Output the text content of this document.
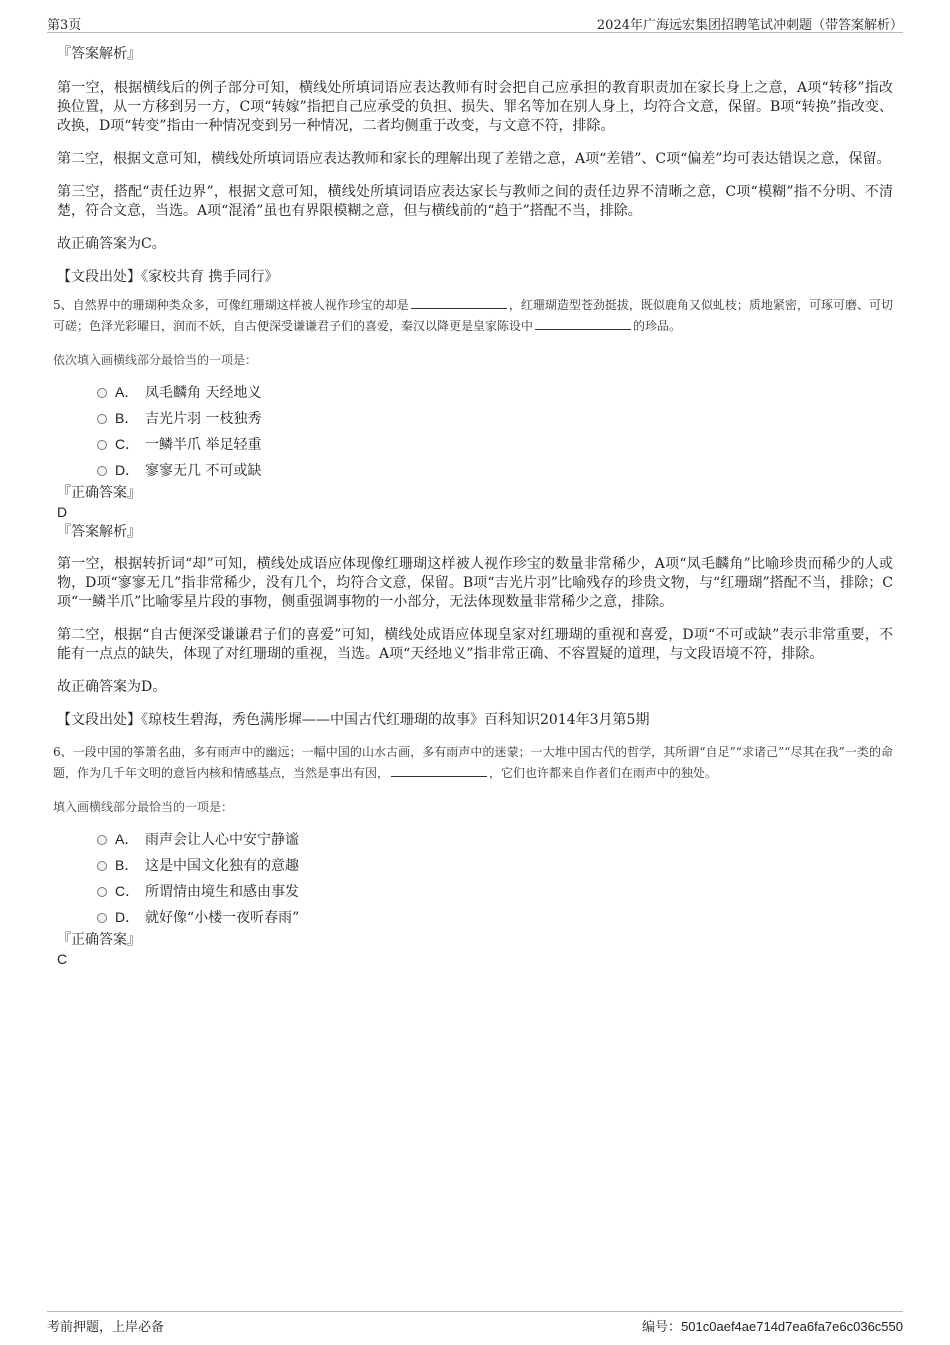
第3页	2024年广海远宏集团招聘笔试冲刺题（带答案解析）
『答案解析』

第一空，根据横线后的例子部分可知，横线处所填词语应表达教师有时会把自己应承担的教育职责加在家长身上之意，A项“转移”指改换位置，从一方移到另一方，C项“转嫁”指把自己应承受的负担、损失、罪名等加在别人身上，均符合文意，保留。B项“转换”指改变、改换，D项“转变”指由一种情况变到另一种情况，二者均侧重于改变，与文意不符，排除。

第二空，根据文意可知，横线处所填词语应表达教师和家长的理解出现了差错之意，A项“差错”、C项“偏差”均可表达错误之意，保留。

第三空，搭配“责任边界”，根据文意可知，横线处所填词语应表达家长与教师之间的责任边界不清晰之意，C项“模糊”指不分明、不清楚，符合文意，当选。A项“混淆”虽也有界限模糊之意，但与横线前的“趋于”搭配不当，排除。

故正确答案为C。

【文段出处】《家校共育 携手同行》

5、自然界中的珊瑚种类众多，可像红珊瑚这样被人视作珍宝的却是	，红珊瑚造型苍劲挺拔，既似鹿角又似虬枝；质地紧密，可琢可磨、可切可磋；色泽光彩曜日，润而不妖，自古便深受谦谦君子们的喜爱，秦汉以降更是皇家陈设中	的珍品。

依次填入画横线部分最恰当的一项是：

A． 凤毛麟角 天经地义
B． 吉光片羽 一枝独秀
C． 一鳞半爪 举足轻重
D． 寥寥无几 不可或缺
『正确答案』
D
『答案解析』

第一空，根据转折词“却”可知，横线处成语应体现像红珊瑚这样被人视作珍宝的数量非常稀少，A项“凤毛麟角”比喻珍贵而稀少的人或物，D项“寥寥无几”指非常稀少，没有几个，均符合文意，保留。B项“吉光片羽”比喻残存的珍贵文物，与“红珊瑚”搭配不当，排除；C项“一鳞半爪”比喻零星片段的事物，侧重强调事物的一小部分，无法体现数量非常稀少之意，排除。

第二空，根据“自古便深受谦谦君子们的喜爱”可知，横线处成语应体现皇家对红珊瑚的重视和喜爱，D项“不可或缺”表示非常重要，不能有一点点的缺失，体现了对红珊瑚的重视，当选。A项“天经地义”指非常正确、不容置疑的道理，与文段语境不符，排除。

故正确答案为D。

【文段出处】《琼枝生碧海，秀色满彤墀——中国古代红珊瑚的故事》百科知识2014年3月第5期

6、一段中国的筝箫名曲，多有雨声中的幽远；一幅中国的山水古画，多有雨声中的迷蒙；一大堆中国古代的哲学，其所谓“自足”“求诸己”“尽其在我”一类的命题，作为几千年文明的意旨内核和情感基点，当然是事出有因，	，它们也许都来自作者们在雨声中的独处。

填入画横线部分最恰当的一项是：

A． 雨声会让人心中安宁静谧
B． 这是中国文化独有的意趣
C． 所谓情由境生和感由事发
D． 就好像“小楼一夜听春雨”
『正确答案』
C
考前押题，上岸必备	编号：501c0aef4ae714d7ea6fa7e6c036c550
